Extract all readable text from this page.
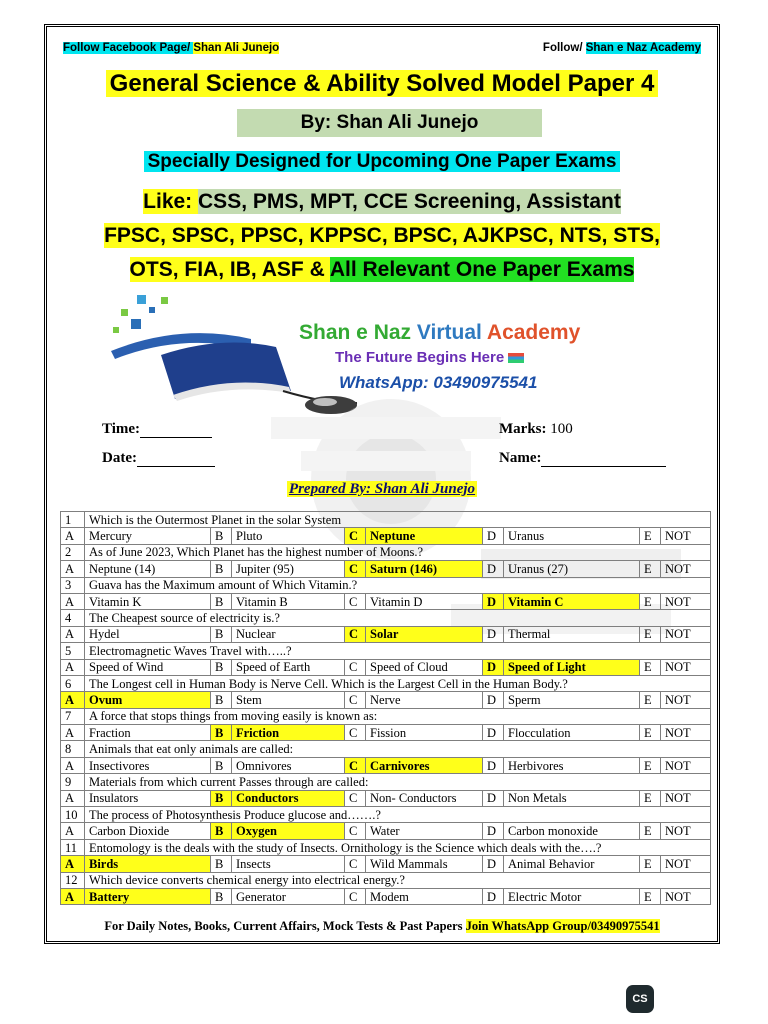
Follow Facebook Page/ Shan Ali Junejo	Follow/ Shan e Naz Academy
General Science & Ability Solved Model Paper 4
By: Shan Ali Junejo
Specially Designed for Upcoming One Paper Exams
Like: CSS, PMS, MPT, CCE Screening, Assistant
FPSC, SPSC, PPSC, KPPSC, BPSC, AJKPSC, NTS, STS,
OTS, FIA, IB, ASF & All Relevant One Paper Exams
Shan e Naz Virtual Academy
The Future Begins Here
WhatsApp: 03490975541
Time:	Marks: 100
Date:	Name:
Prepared By: Shan Ali Junejo
1	Which is the Outermost Planet in the solar System								
A	Mercury	B	Pluto	C	Neptune	D	Uranus	E	NOT
2	As of June 2023, Which Planet has the highest number of Moons.?								
A	Neptune (14)	B	Jupiter (95)	C	Saturn (146)	D	Uranus (27)	E	NOT
3	Guava has the Maximum amount of Which Vitamin.?								
A	Vitamin K	B	Vitamin B	C	Vitamin D	D	Vitamin C	E	NOT
4	The Cheapest source of electricity is.?								
A	Hydel	B	Nuclear	C	Solar	D	Thermal	E	NOT
5	Electromagnetic Waves Travel with…..?								
A	Speed of Wind	B	Speed of Earth	C	Speed of Cloud	D	Speed of Light	E	NOT
6	The Longest cell in Human Body is Nerve Cell. Which is the Largest Cell in the Human Body.?								
A	Ovum	B	Stem	C	Nerve	D	Sperm	E	NOT
7	A force that stops things from moving easily is known as:								
A	Fraction	B	Friction	C	Fission	D	Flocculation	E	NOT
8	Animals that eat only animals are called:								
A	Insectivores	B	Omnivores	C	Carnivores	D	Herbivores	E	NOT
9	Materials from which current Passes through are called:								
A	Insulators	B	Conductors	C	Non- Conductors	D	Non Metals	E	NOT
10	The process of Photosynthesis Produce glucose and…….?								
A	Carbon Dioxide	B	Oxygen	C	Water	D	Carbon monoxide	E	NOT
11	Entomology is the deals with the study of Insects. Ornithology is the Science which deals with the….?								
A	Birds	B	Insects	C	Wild Mammals	D	Animal Behavior	E	NOT
12	Which device converts chemical energy into electrical energy.?								
A	Battery	B	Generator	C	Modem	D	Electric Motor	E	NOT
For Daily Notes, Books, Current Affairs, Mock Tests & Past Papers Join WhatsApp Group/03490975541
CS
